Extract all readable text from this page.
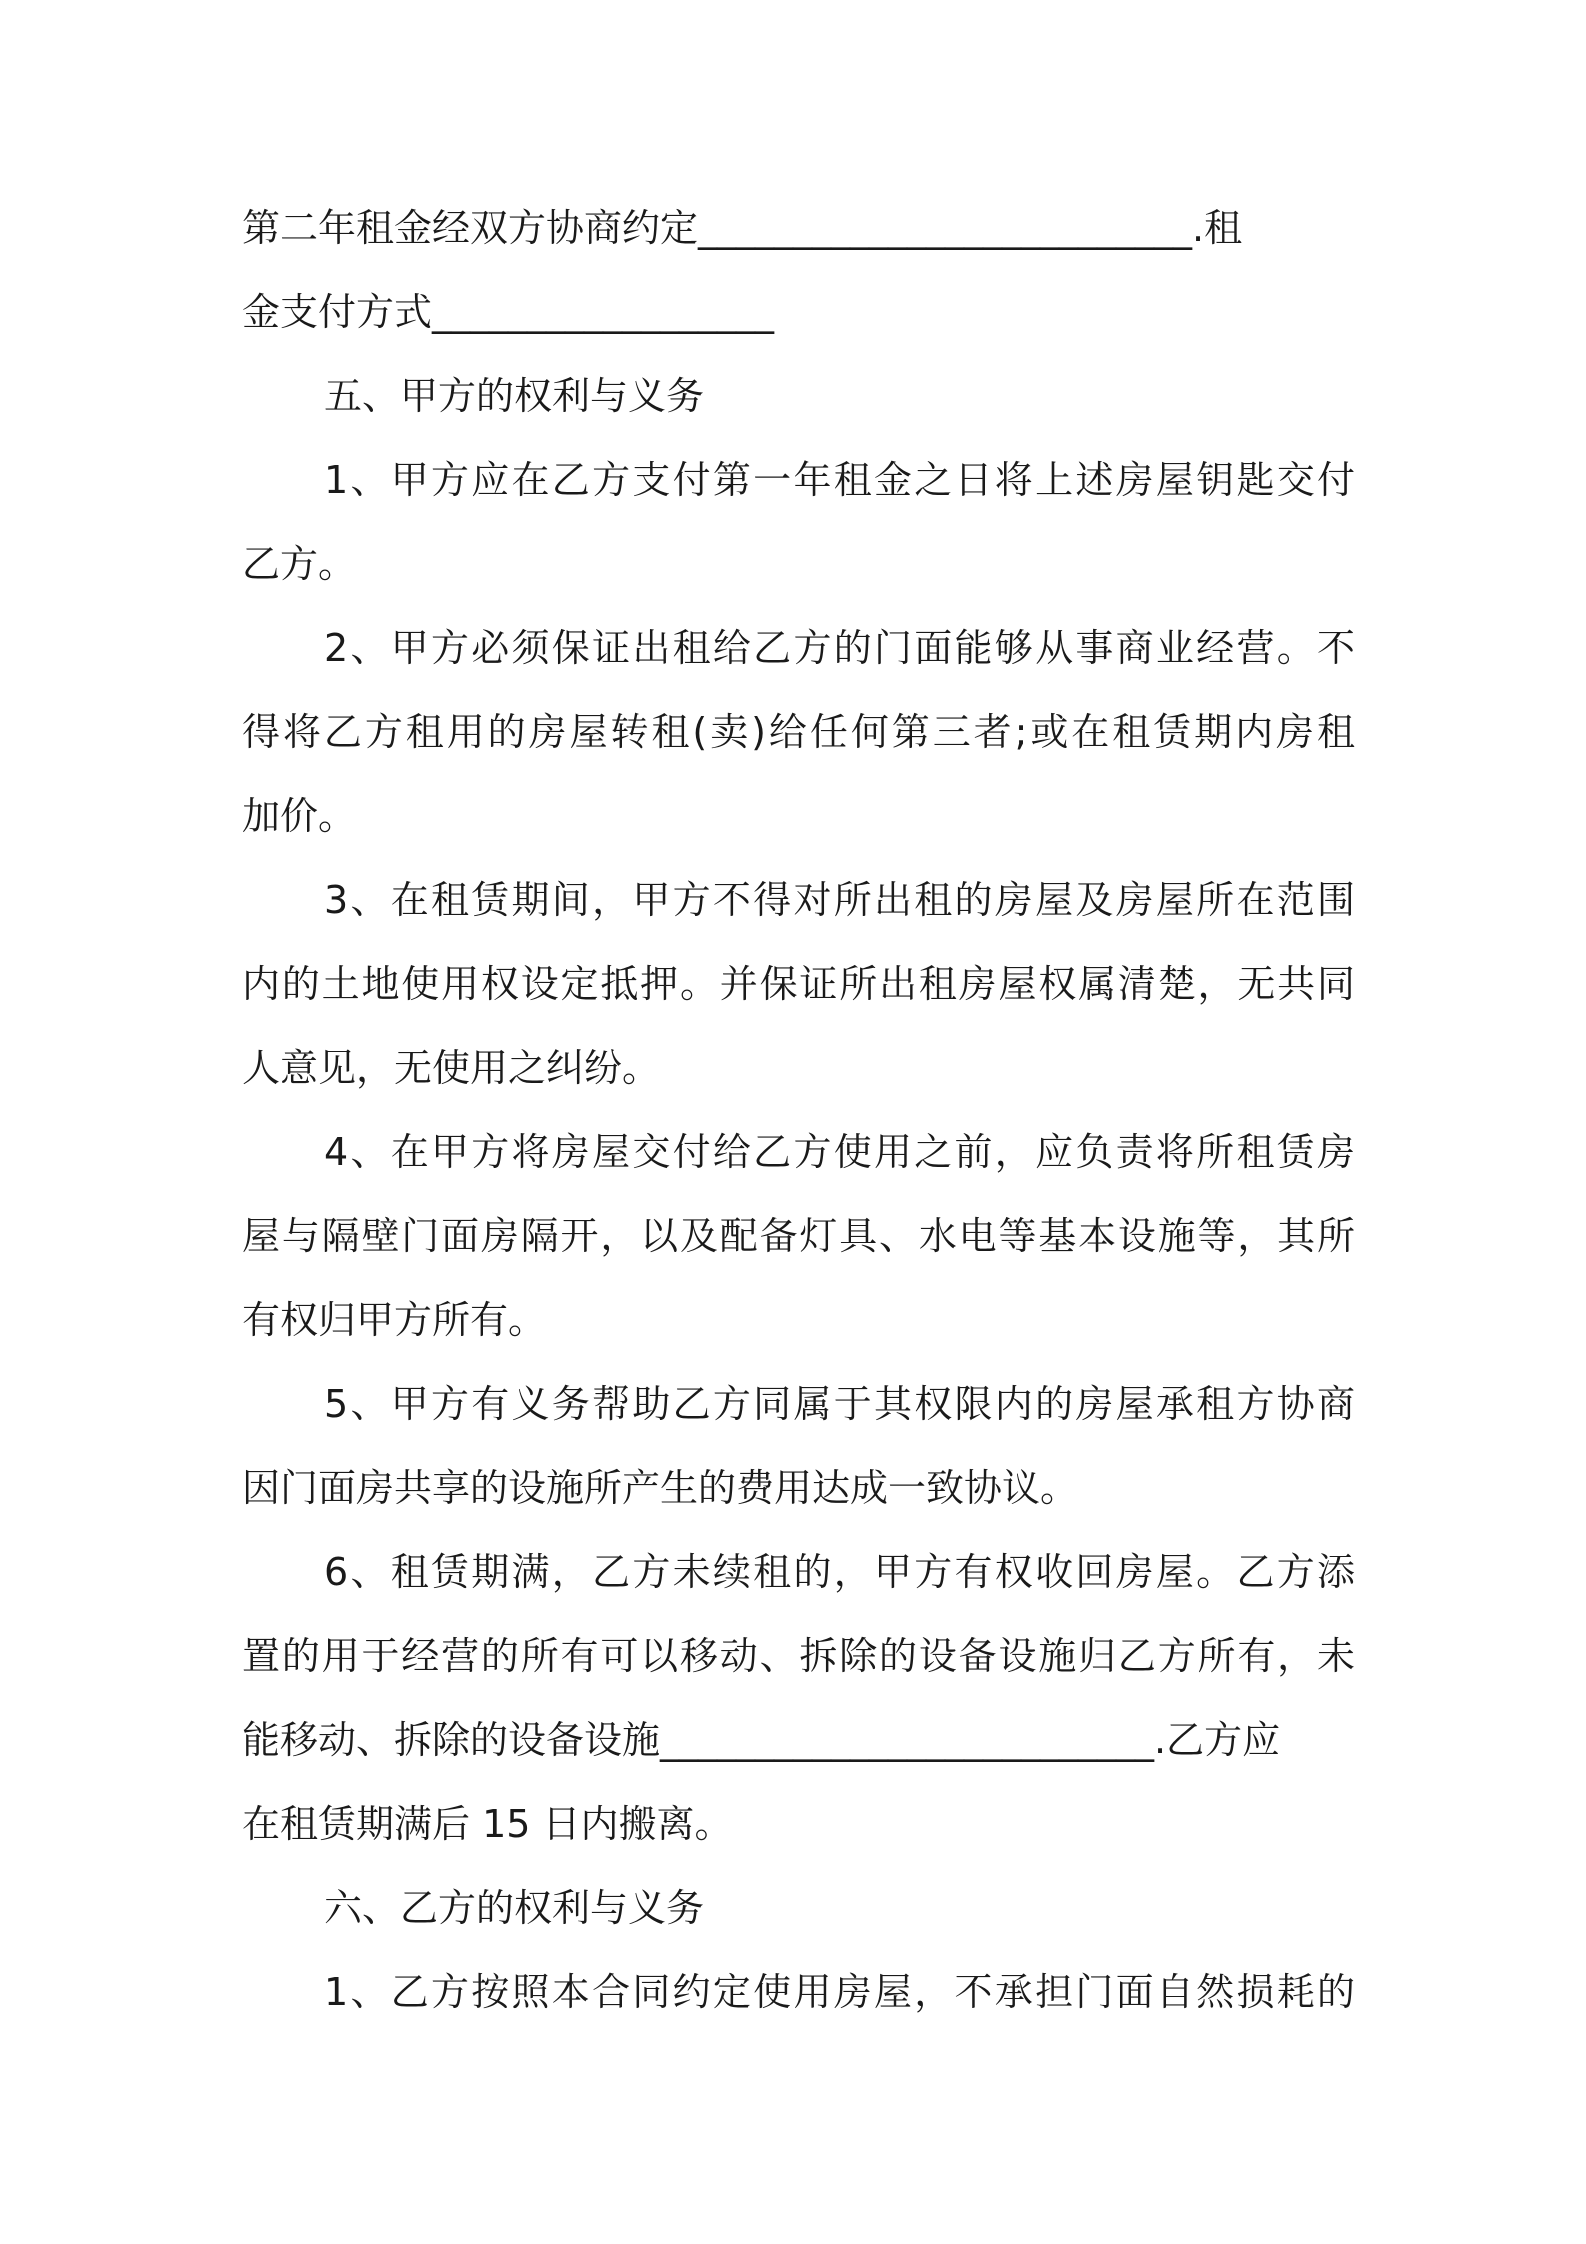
第二年租金经双方协商约定__________________________.租
金支付方式__________________
五、甲方的权利与义务
1、甲方应在乙方支付第一年租金之日将上述房屋钥匙交付
乙方。
2、甲方必须保证出租给乙方的门面能够从事商业经营。不
得将乙方租用的房屋转租(卖)给任何第三者;或在租赁期内房租
加价。
3、在租赁期间，甲方不得对所出租的房屋及房屋所在范围
内的土地使用权设定抵押。并保证所出租房屋权属清楚，无共同
人意见，无使用之纠纷。
4、在甲方将房屋交付给乙方使用之前，应负责将所租赁房
屋与隔壁门面房隔开，以及配备灯具、水电等基本设施等，其所
有权归甲方所有。
5、甲方有义务帮助乙方同属于其权限内的房屋承租方协商
因门面房共享的设施所产生的费用达成一致协议。
6、租赁期满，乙方未续租的，甲方有权收回房屋。乙方添
置的用于经营的所有可以移动、拆除的设备设施归乙方所有，未
能移动、拆除的设备设施__________________________.乙方应
在租赁期满后 15 日内搬离。
六、乙方的权利与义务
1、乙方按照本合同约定使用房屋，不承担门面自然损耗的
